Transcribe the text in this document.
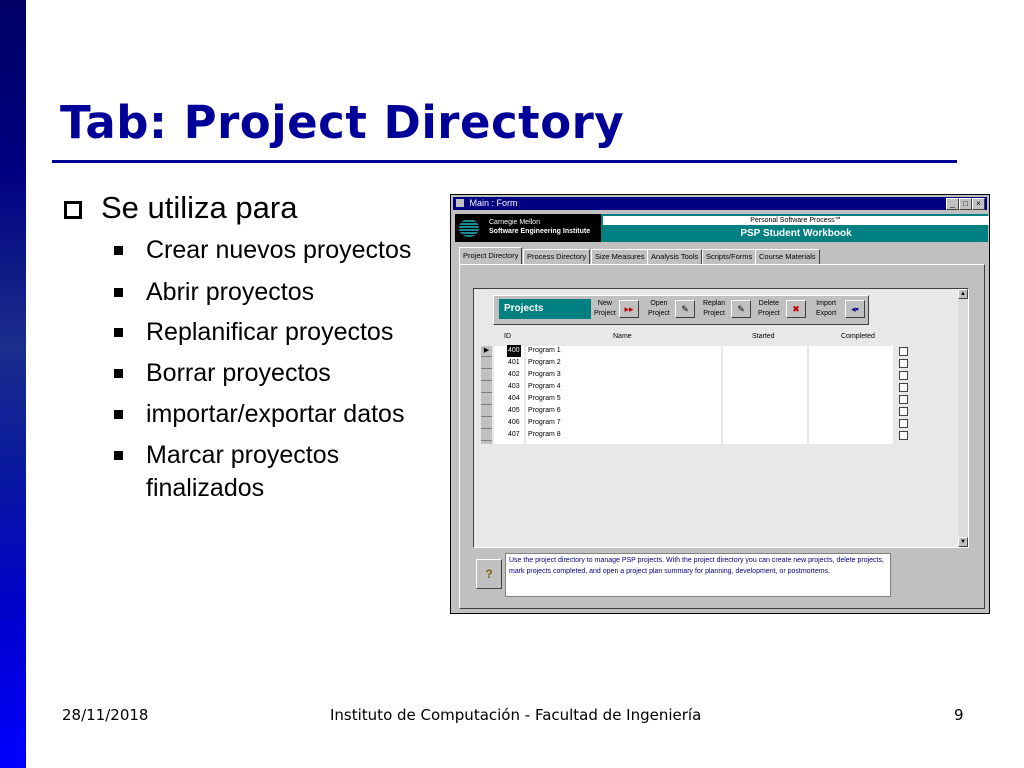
Tab: Project Directory
Se utiliza para
Crear nuevos proyectos
Abrir proyectos
Replanificar proyectos
Borrar proyectos
importar/exportar datos
Marcar proyectos finalizados
28/11/2018	Instituto de Computación - Facultad de Ingeniería	9
Main : Form	_	□	×
Carnegie Mellon
Software Engineering Institute
Personal Software Process℠
PSP Student Workbook
Project Directory	Process Directory	Size Measures Analysis Tools	Scripts/Forms Course Materials
Projects	New
Project ▸▸
Open
Project	✎
Replan
Project	✎
Delete
Project	✖
Import
Export	◂▪
ID	Name	Started	Completed
▶	400 Program 1
401 Program 2
402 Program 3
403 Program 4
404 Program 5
405 Program 6
406 Program 7
407 Program 8
▲
▼
?
Use the project directory to manage PSP projects. With the project directory you can create new projects, delete projects, mark projects completed, and open a project plan summary for planning, development, or postmortems.
